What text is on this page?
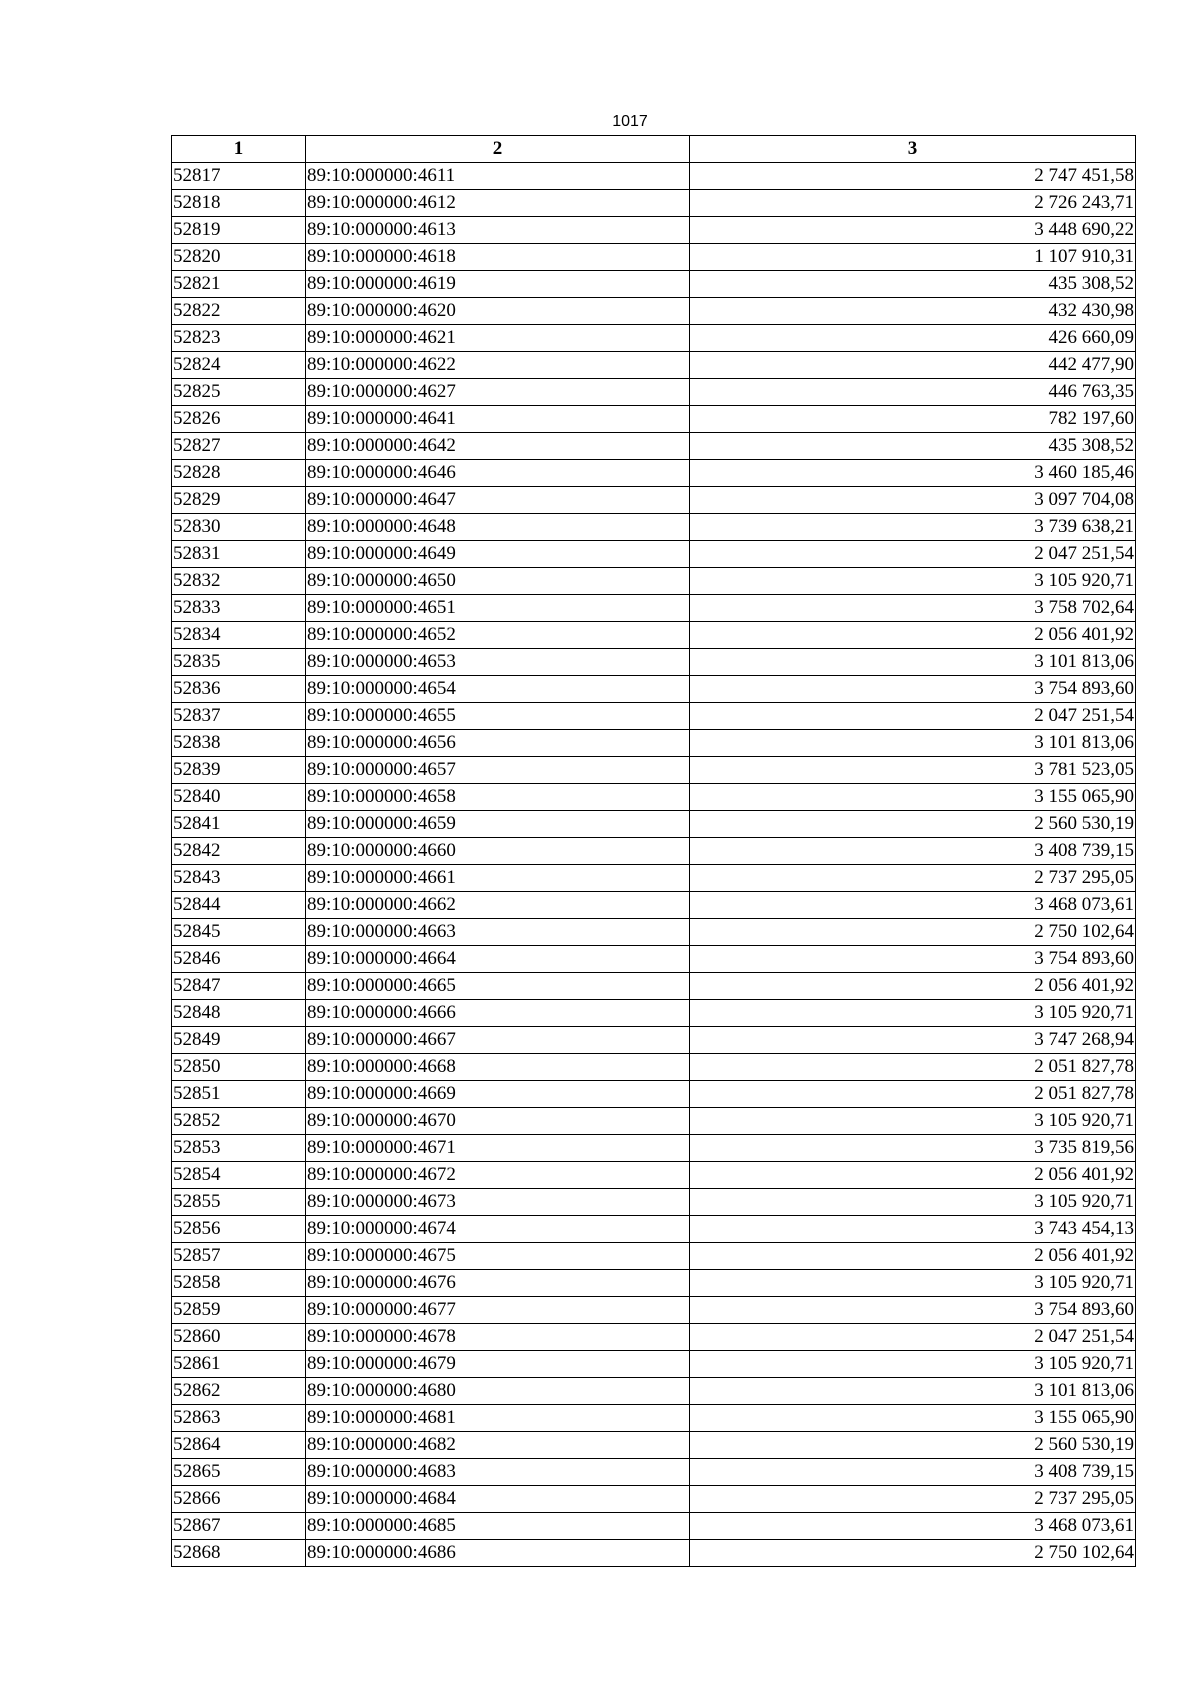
1017
1	2	3
52817	89:10:000000:4611	2 747 451,58
52818	89:10:000000:4612	2 726 243,71
52819	89:10:000000:4613	3 448 690,22
52820	89:10:000000:4618	1 107 910,31
52821	89:10:000000:4619	435 308,52
52822	89:10:000000:4620	432 430,98
52823	89:10:000000:4621	426 660,09
52824	89:10:000000:4622	442 477,90
52825	89:10:000000:4627	446 763,35
52826	89:10:000000:4641	782 197,60
52827	89:10:000000:4642	435 308,52
52828	89:10:000000:4646	3 460 185,46
52829	89:10:000000:4647	3 097 704,08
52830	89:10:000000:4648	3 739 638,21
52831	89:10:000000:4649	2 047 251,54
52832	89:10:000000:4650	3 105 920,71
52833	89:10:000000:4651	3 758 702,64
52834	89:10:000000:4652	2 056 401,92
52835	89:10:000000:4653	3 101 813,06
52836	89:10:000000:4654	3 754 893,60
52837	89:10:000000:4655	2 047 251,54
52838	89:10:000000:4656	3 101 813,06
52839	89:10:000000:4657	3 781 523,05
52840	89:10:000000:4658	3 155 065,90
52841	89:10:000000:4659	2 560 530,19
52842	89:10:000000:4660	3 408 739,15
52843	89:10:000000:4661	2 737 295,05
52844	89:10:000000:4662	3 468 073,61
52845	89:10:000000:4663	2 750 102,64
52846	89:10:000000:4664	3 754 893,60
52847	89:10:000000:4665	2 056 401,92
52848	89:10:000000:4666	3 105 920,71
52849	89:10:000000:4667	3 747 268,94
52850	89:10:000000:4668	2 051 827,78
52851	89:10:000000:4669	2 051 827,78
52852	89:10:000000:4670	3 105 920,71
52853	89:10:000000:4671	3 735 819,56
52854	89:10:000000:4672	2 056 401,92
52855	89:10:000000:4673	3 105 920,71
52856	89:10:000000:4674	3 743 454,13
52857	89:10:000000:4675	2 056 401,92
52858	89:10:000000:4676	3 105 920,71
52859	89:10:000000:4677	3 754 893,60
52860	89:10:000000:4678	2 047 251,54
52861	89:10:000000:4679	3 105 920,71
52862	89:10:000000:4680	3 101 813,06
52863	89:10:000000:4681	3 155 065,90
52864	89:10:000000:4682	2 560 530,19
52865	89:10:000000:4683	3 408 739,15
52866	89:10:000000:4684	2 737 295,05
52867	89:10:000000:4685	3 468 073,61
52868	89:10:000000:4686	2 750 102,64
